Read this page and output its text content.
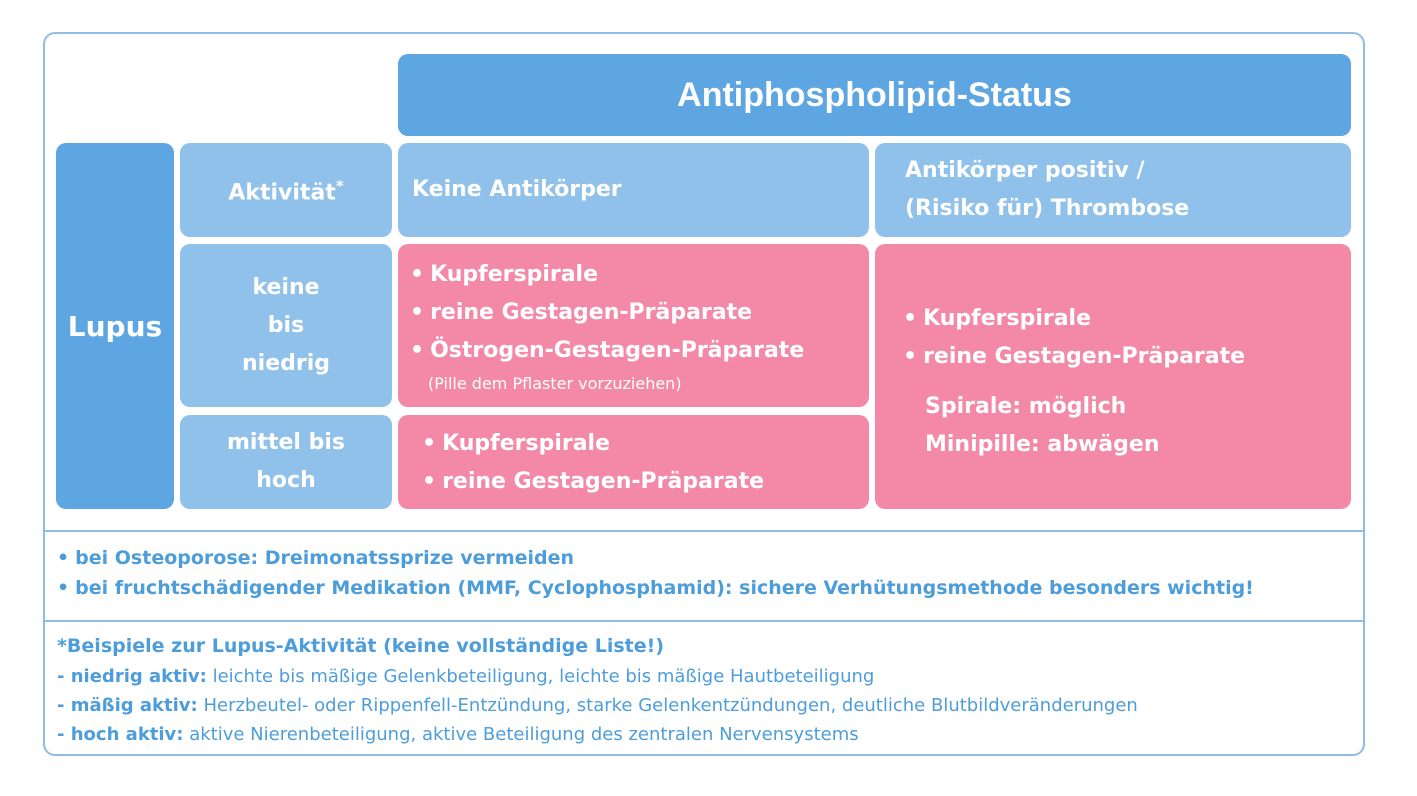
Antiphospholipid-Status
Lupus
Aktivität*	Keine Antikörper
Antikörper positiv /
(Risiko für) Thrombose
keine
bis
niedrig
mittel bis
hoch
• Kupferspirale
• reine Gestagen-Präparate
• Östrogen-Gestagen-Präparate
(Pille dem Pflaster vorzuziehen)
• Kupferspirale
• reine Gestagen-Präparate
• Kupferspirale
• reine Gestagen-Präparate
Spirale: möglich
Minipille: abwägen
• bei Osteoporose: Dreimonatssprize vermeiden
• bei fruchtschädigender Medikation (MMF, Cyclophosphamid): sichere Verhütungsmethode besonders wichtig!
*Beispiele zur Lupus-Aktivität (keine vollständige Liste!)
- niedrig aktiv: leichte bis mäßige Gelenkbeteiligung, leichte bis mäßige Hautbeteiligung
- mäßig aktiv: Herzbeutel- oder Rippenfell-Entzündung, starke Gelenkentzündungen, deutliche Blutbildveränderungen
- hoch aktiv: aktive Nierenbeteiligung, aktive Beteiligung des zentralen Nervensystems
